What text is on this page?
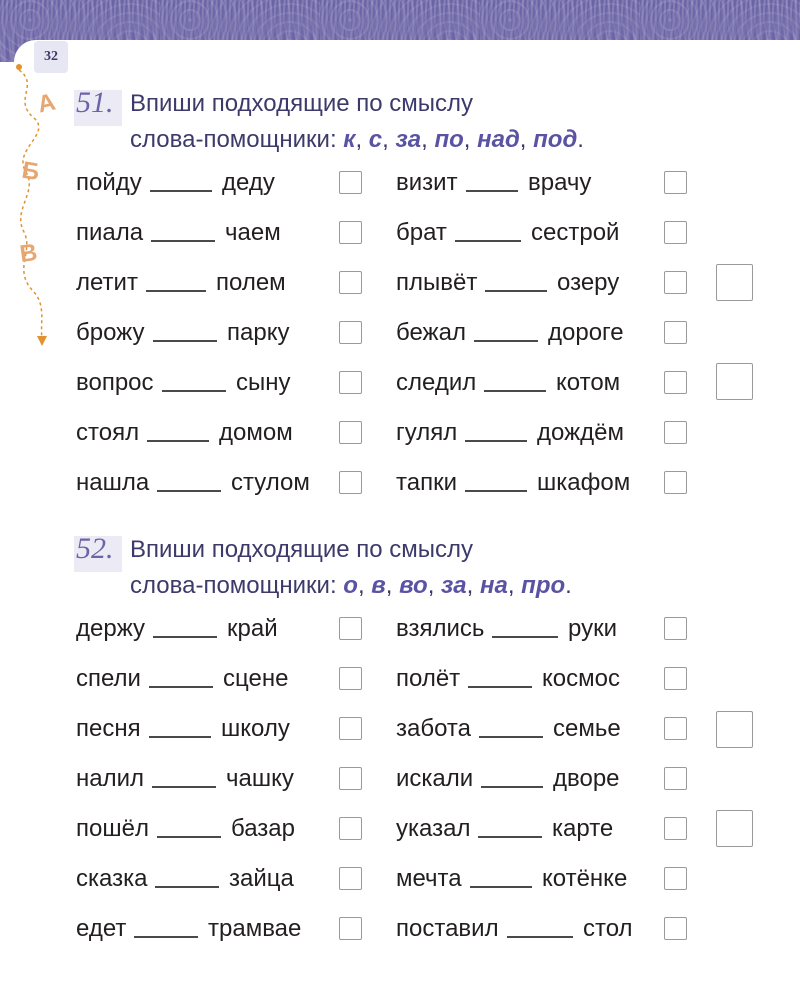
32
А
Б
В
51. Впиши подходящие по смыслу
слова-помощники: к, с, за, по, над, под.
пойду	деду
пиала	чаем
летит	полем
брожу	парку
вопрос	сыну
стоял	домом
нашла	стулом
визит	врачу
брат	сестрой
плывёт	озеру
бежал	дороге
следил	котом
гулял	дождём
тапки	шкафом
52. Впиши подходящие по смыслу
слова-помощники: о, в, во, за, на, про.
держу	край
спели	сцене
песня	школу
налил	чашку
пошёл	базар
сказка	зайца
едет	трамвае
взялись	руки
полёт	космос
забота	семье
искали	дворе
указал	карте
мечта	котёнке
поставил	стол
